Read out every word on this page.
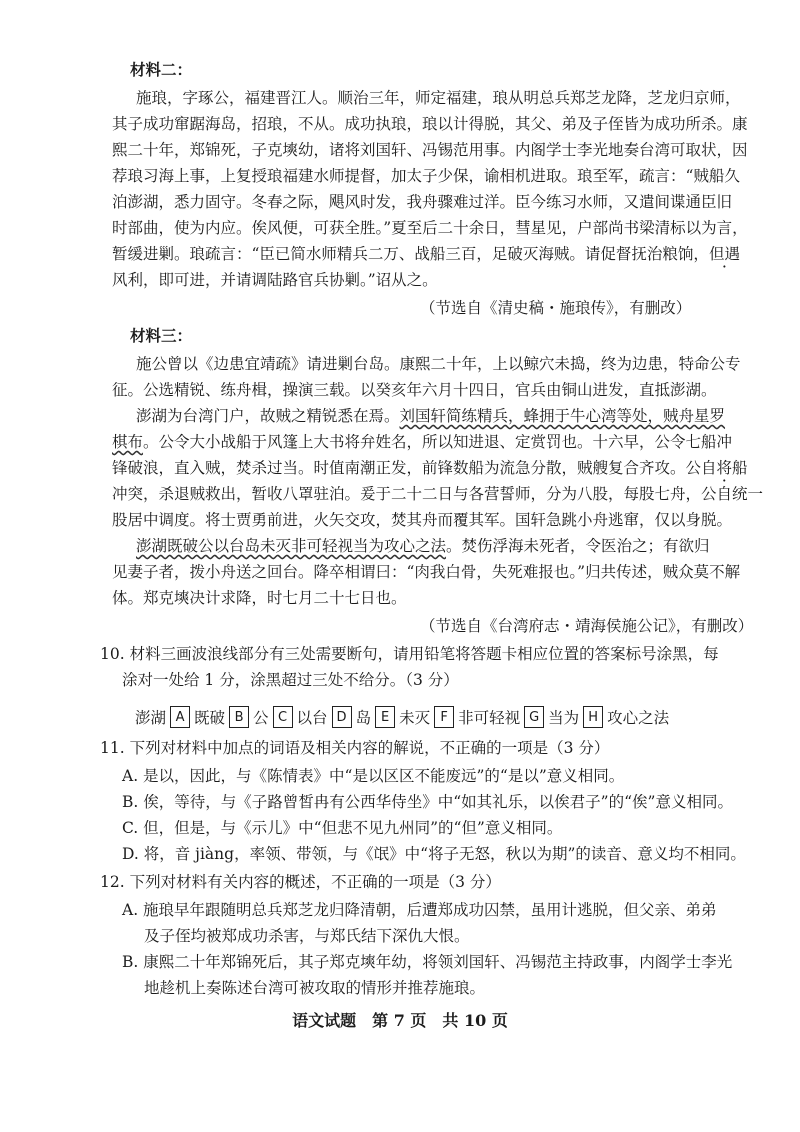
材料二：
施琅，字琢公，福建晋江人。顺治三年，师定福建，琅从明总兵郑芝龙降，芝龙归京师，
其子成功窜踞海岛，招琅，不从。成功执琅，琅以计得脱，其父、弟及子侄皆为成功所杀。康
熙二十年，郑锦死，子克塽幼，诸将刘国轩、冯锡范用事。内阁学士李光地奏台湾可取状，因
荐琅习海上事，上复授琅福建水师提督，加太子少保，谕相机进取。琅至军，疏言：“贼船久
泊澎湖，悉力固守。冬春之际，飓风时发，我舟骤难过洋。臣今练习水师，又遣间谍通臣旧
时部曲，使为内应。俟风便，可获全胜。”夏至后二十余日，彗星见，户部尚书梁清标以为言，
暂缓进剿。琅疏言：“臣已简水师精兵二万、战船三百，足破灭海贼。请促督抚治粮饷，但遇
风利，即可进，并请调陆路官兵协剿。”诏从之。
（节选自《清史稿・施琅传》，有删改）
材料三：
施公曾以《边患宜靖疏》请进剿台岛。康熙二十年，上以鲸穴未捣，终为边患，特命公专
征。公选精锐、练舟楫，操演三载。以癸亥年六月十四日，官兵由铜山进发，直抵澎湖。
澎湖为台湾门户，故贼之精锐悉在焉。刘国轩简练精兵，蜂拥于牛心湾等处，贼舟星罗
棋布。公令大小战船于风篷上大书将弁姓名，所以知进退、定赏罚也。十六早，公令七船冲
锋破浪，直入贼，焚杀过当。时值南潮正发，前锋数船为流急分散，贼艘复合齐攻。公自将船
冲突，杀退贼救出，暂收八罩驻泊。爰于二十二日与各营誓师，分为八股，每股七舟，公自统一
股居中调度。将士贾勇前进，火矢交攻，焚其舟而覆其军。国轩急跳小舟逃窜，仅以身脱。
澎湖既破公以台岛未灭非可轻视当为攻心之法。焚伤浮海未死者，令医治之；有欲归
见妻子者，拨小舟送之回台。降卒相谓曰：“肉我白骨，失死难报也。”归共传述，贼众莫不解
体。郑克塽决计求降，时七月二十七日也。
（节选自《台湾府志・靖海侯施公记》，有删改）
10. 材料三画波浪线部分有三处需要断句，请用铅笔将答题卡相应位置的答案标号涂黑，每
涂对一处给 1 分，涂黑超过三处不给分。（3 分）
澎湖 A 既破 B 公 C 以台 D 岛 E 未灭 F 非可轻视 G 当为 H 攻心之法
11. 下列对材料中加点的词语及相关内容的解说，不正确的一项是（3 分）
A. 是以，因此，与《陈情表》中“是以区区不能废远”的“是以”意义相同。
B. 俟，等待，与《子路曾皙冉有公西华侍坐》中“如其礼乐，以俟君子”的“俟”意义相同。
C. 但，但是，与《示儿》中“但悲不见九州同”的“但”意义相同。
D. 将，音 jiàng，率领、带领，与《氓》中“将子无怒，秋以为期”的读音、意义均不相同。
12. 下列对材料有关内容的概述，不正确的一项是（3 分）
A. 施琅早年跟随明总兵郑芝龙归降清朝，后遭郑成功囚禁，虽用计逃脱，但父亲、弟弟
及子侄均被郑成功杀害，与郑氏结下深仇大恨。
B. 康熙二十年郑锦死后，其子郑克塽年幼，将领刘国轩、冯锡范主持政事，内阁学士李光
地趁机上奏陈述台湾可被攻取的情形并推荐施琅。
语文试题　第 7 页　共 10 页
